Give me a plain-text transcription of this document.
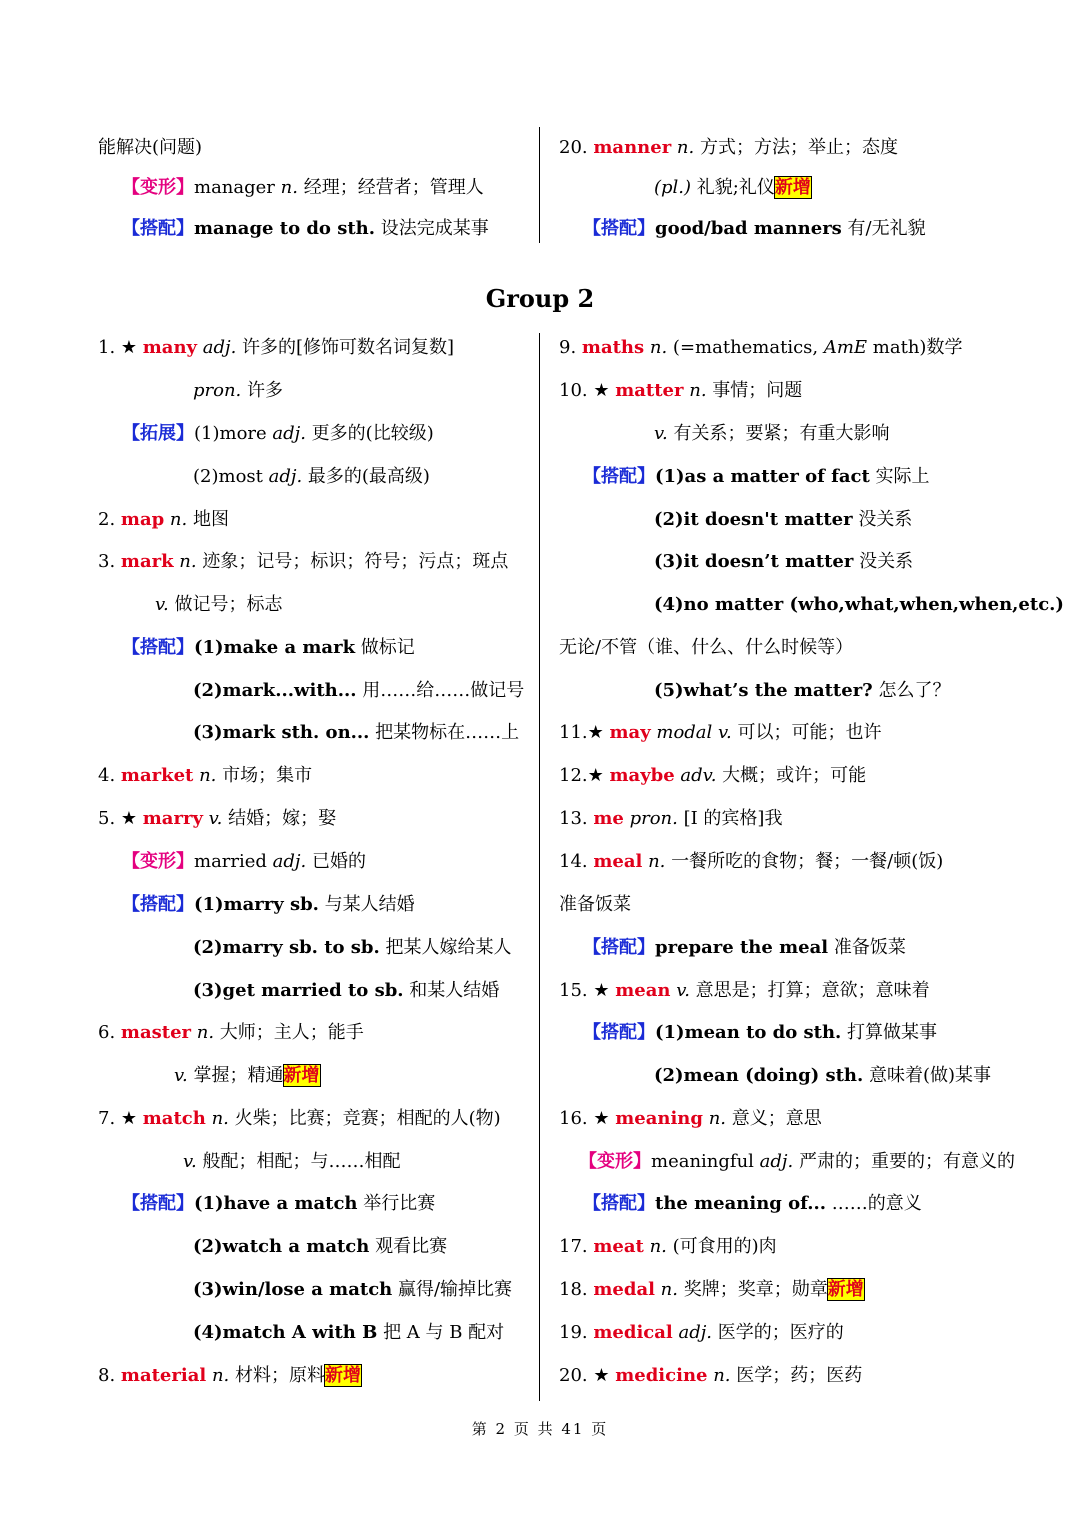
能解决(问题)
【变形】manager n. 经理；经营者；管理人
【搭配】manage to do sth. 设法完成某事
20. manner n. 方式；方法；举止；态度
(pl.) 礼貌;礼仪新增
【搭配】good/bad manners 有/无礼貌
Group 2
1. ★ many adj. 许多的[修饰可数名词复数]
pron. 许多
【拓展】(1)more adj. 更多的(比较级)
(2)most adj. 最多的(最高级)
2. map n. 地图
3. mark n. 迹象；记号；标识；符号；污点；斑点
v. 做记号；标志
【搭配】(1)make a mark 做标记
(2)mark...with... 用……给……做记号
(3)mark sth. on... 把某物标在……上
4. market n. 市场；集市
5. ★ marry v. 结婚；嫁；娶
【变形】married adj. 已婚的
【搭配】(1)marry sb. 与某人结婚
(2)marry sb. to sb. 把某人嫁给某人
(3)get married to sb. 和某人结婚
6. master n. 大师；主人；能手
v. 掌握；精通新增
7. ★ match n. 火柴；比赛；竞赛；相配的人(物)
v. 般配；相配；与……相配
【搭配】(1)have a match 举行比赛
(2)watch a match 观看比赛
(3)win/lose a match 赢得/输掉比赛
(4)match A with B 把 A 与 B 配对
8. material n. 材料；原料新增
9. maths n. (=mathematics, AmE math)数学
10. ★ matter n. 事情；问题
v. 有关系；要紧；有重大影响
【搭配】(1)as a matter of fact 实际上
(2)it doesn't matter 没关系
(3)it doesn’t matter 没关系
(4)no matter (who,what,when,when,etc.)
无论/不管（谁、什么、什么时候等）
(5)what’s the matter? 怎么了？
11.★ may modal v. 可以；可能；也许
12.★ maybe adv. 大概；或许；可能
13. me pron. [I 的宾格]我
14. meal n. 一餐所吃的食物；餐；一餐/顿(饭)
准备饭菜
【搭配】prepare the meal 准备饭菜
15. ★ mean v. 意思是；打算；意欲；意味着
【搭配】(1)mean to do sth. 打算做某事
(2)mean (doing) sth. 意味着(做)某事
16. ★ meaning n. 意义；意思
【变形】meaningful adj. 严肃的；重要的；有意义的
【搭配】the meaning of... ……的意义
17. meat n. (可食用的)肉
18. medal n. 奖牌；奖章；勋章新增
19. medical adj. 医学的；医疗的
20. ★ medicine n. 医学；药；医药
第 2 页 共 41 页
